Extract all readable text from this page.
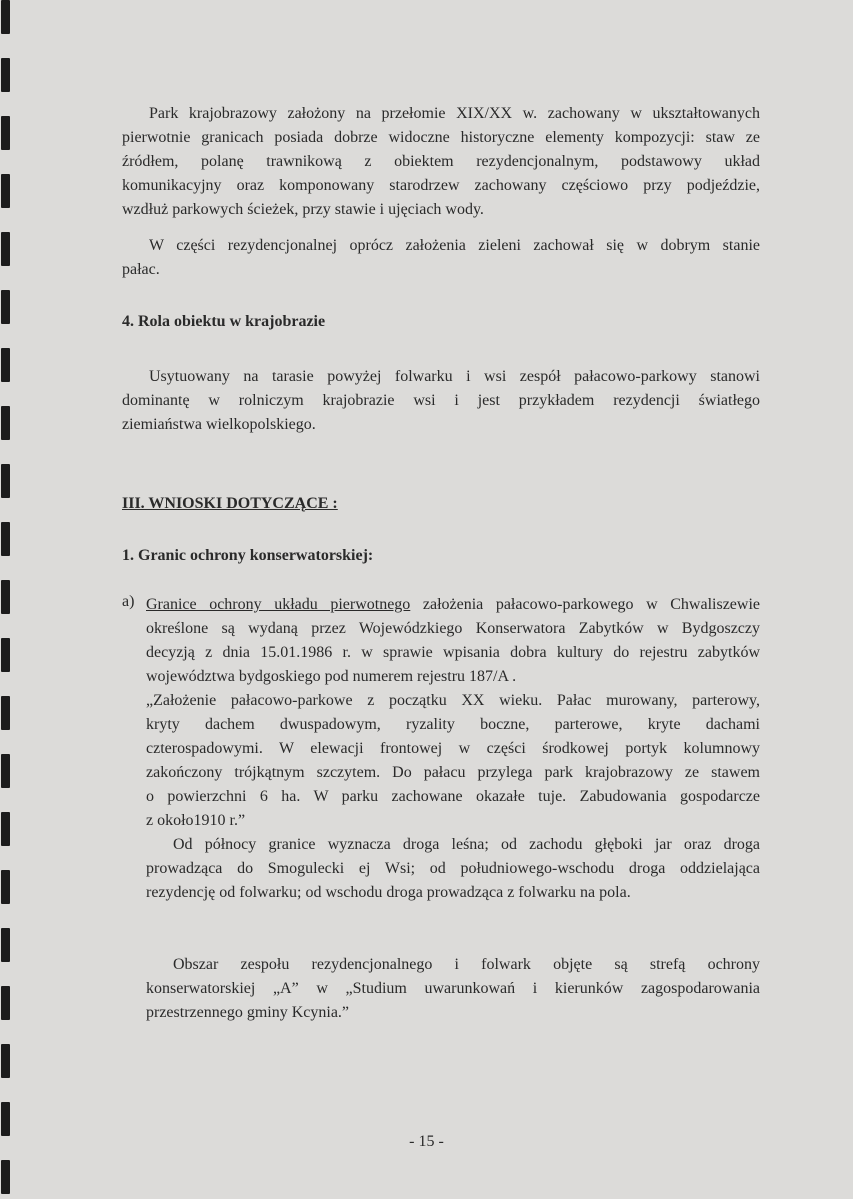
Park krajobrazowy założony na przełomie XIX/XX w. zachowany w ukształtowanych
pierwotnie granicach posiada dobrze widoczne historyczne elementy kompozycji: staw ze
źródłem, polanę trawnikową z obiektem rezydencjonalnym, podstawowy układ
komunikacyjny oraz komponowany starodrzew zachowany częściowo przy podjeździe,
wzdłuż parkowych ścieżek, przy stawie i ujęciach wody.
W części rezydencjonalnej oprócz założenia zieleni zachował się w dobrym stanie
pałac.
4. Rola obiektu w krajobrazie
Usytuowany na tarasie powyżej folwarku i wsi zespół pałacowo-parkowy stanowi
dominantę w rolniczym krajobrazie wsi i jest przykładem rezydencji światłego
ziemiaństwa wielkopolskiego.
III. WNIOSKI DOTYCZĄCE :
1. Granic ochrony konserwatorskiej:
a) Granice ochrony układu pierwotnego założenia pałacowo-parkowego w Chwaliszewie
określone są wydaną przez Wojewódzkiego Konserwatora Zabytków w Bydgoszczy
decyzją z dnia 15.01.1986 r. w sprawie wpisania dobra kultury do rejestru zabytków
województwa bydgoskiego pod numerem rejestru 187/A .
„Założenie pałacowo-parkowe z początku XX wieku. Pałac murowany, parterowy,
kryty dachem dwuspadowym, ryzality boczne, parterowe, kryte dachami
czterospadowymi. W elewacji frontowej w części środkowej portyk kolumnowy
zakończony trójkątnym szczytem. Do pałacu przylega park krajobrazowy ze stawem
o powierzchni 6 ha. W parku zachowane okazałe tuje. Zabudowania gospodarcze
z około1910 r.”
Od północy granice wyznacza droga leśna; od zachodu głęboki jar oraz droga
prowadząca do Smogulecki ej Wsi; od południowego-wschodu droga oddzielająca
rezydencję od folwarku; od wschodu droga prowadząca z folwarku na pola.
Obszar zespołu rezydencjonalnego i folwark objęte są strefą ochrony
konserwatorskiej „A” w „Studium uwarunkowań i kierunków zagospodarowania
przestrzennego gminy Kcynia.”
- 15 -
